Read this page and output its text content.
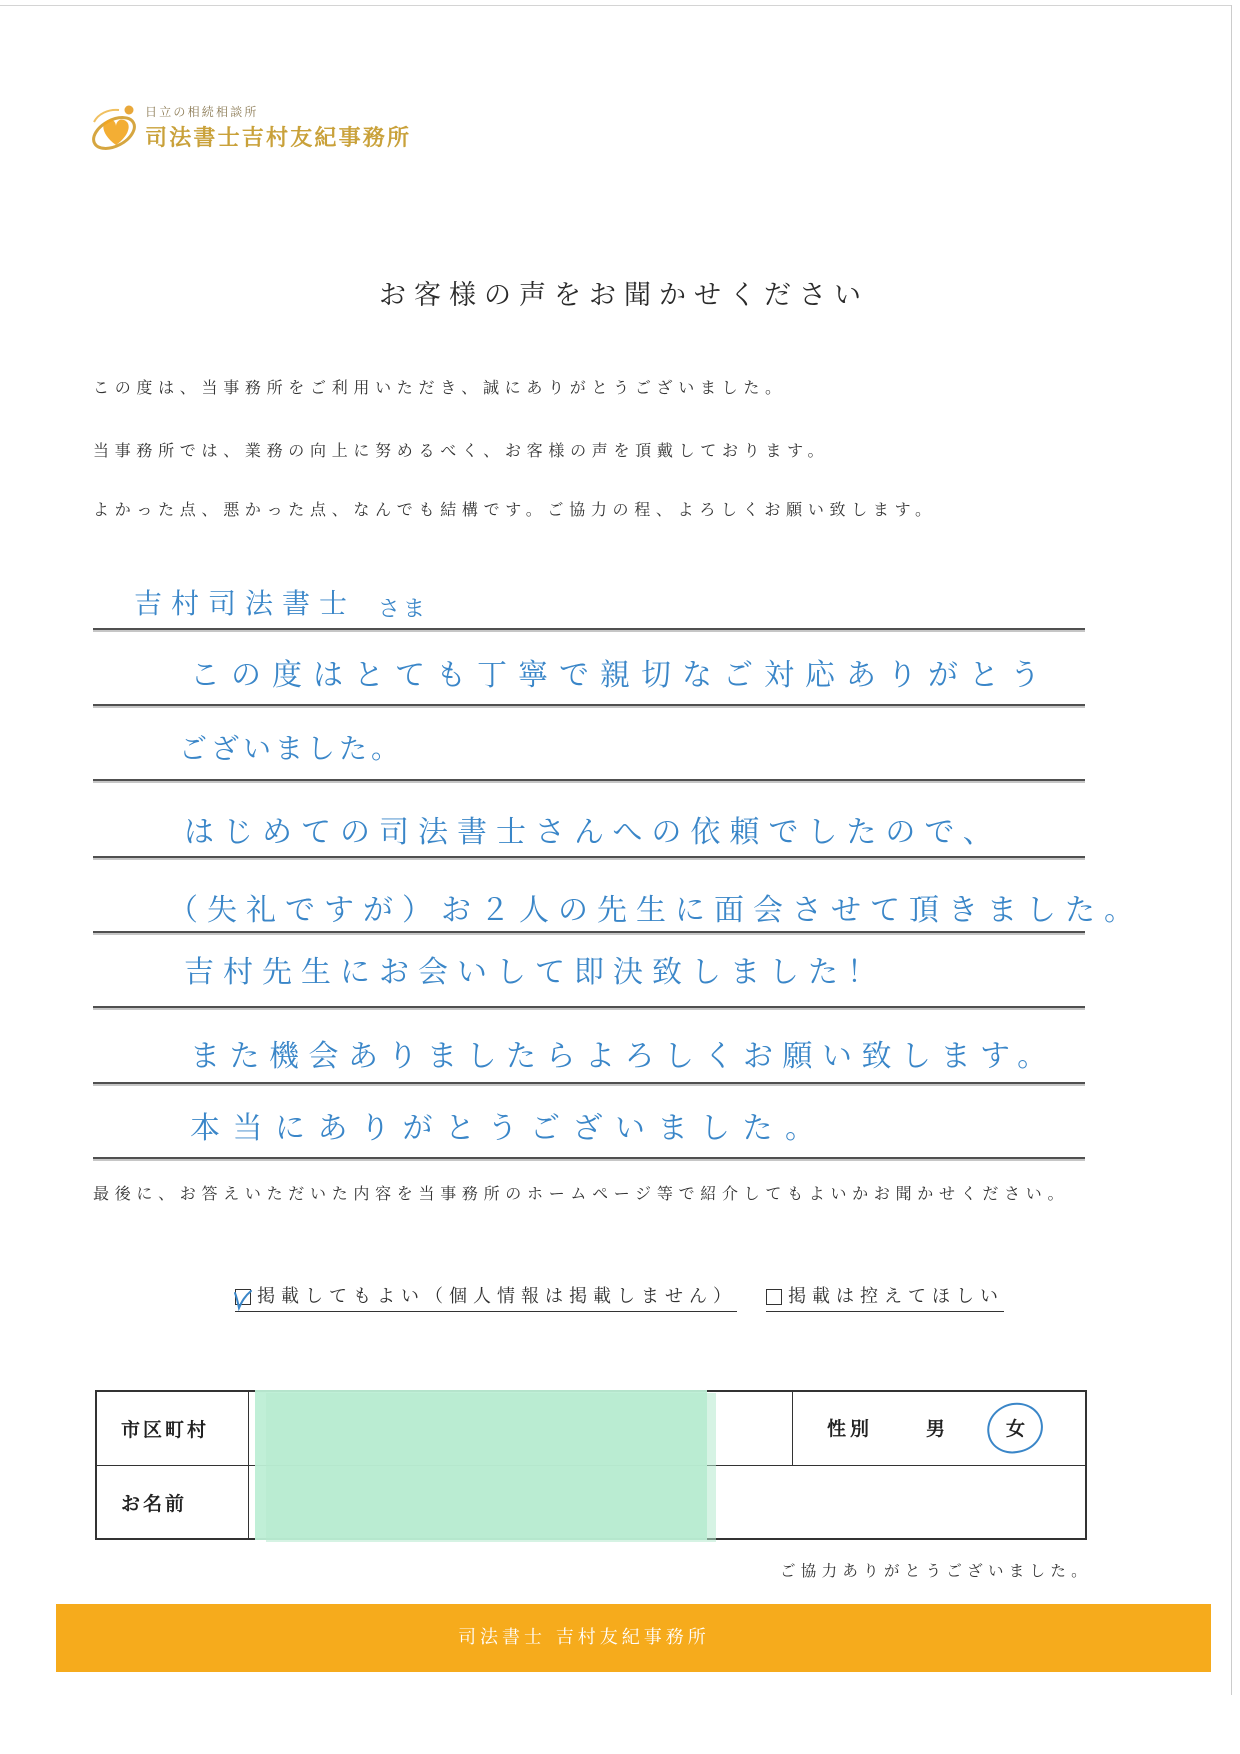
日立の相続相談所
司法書士吉村友紀事務所
お客様の声をお聞かせください
この度は、当事務所をご利用いただき、誠にありがとうございました。
当事務所では、業務の向上に努めるべく、お客様の声を頂戴しております。
よかった点、悪かった点、なんでも結構です。ご協力の程、よろしくお願い致します。
吉村司法書士 さま
この度はとても丁寧で親切なご対応ありがとう
ございました。
はじめての司法書士さんへの依頼でしたので、
（失礼ですが）お２人の先生に面会させて頂きました。
吉村先生にお会いして即決致しました！
また機会ありましたらよろしくお願い致します。
本当にありがとうございました。
最後に、お答えいただいた内容を当事務所のホームページ等で紹介してもよいかお聞かせください。
掲載してもよい（個人情報は掲載しません）	掲載は控えてほしい
市区町村
お名前
性別	男	女
ご協力ありがとうございました。
司法書士 吉村友紀事務所
